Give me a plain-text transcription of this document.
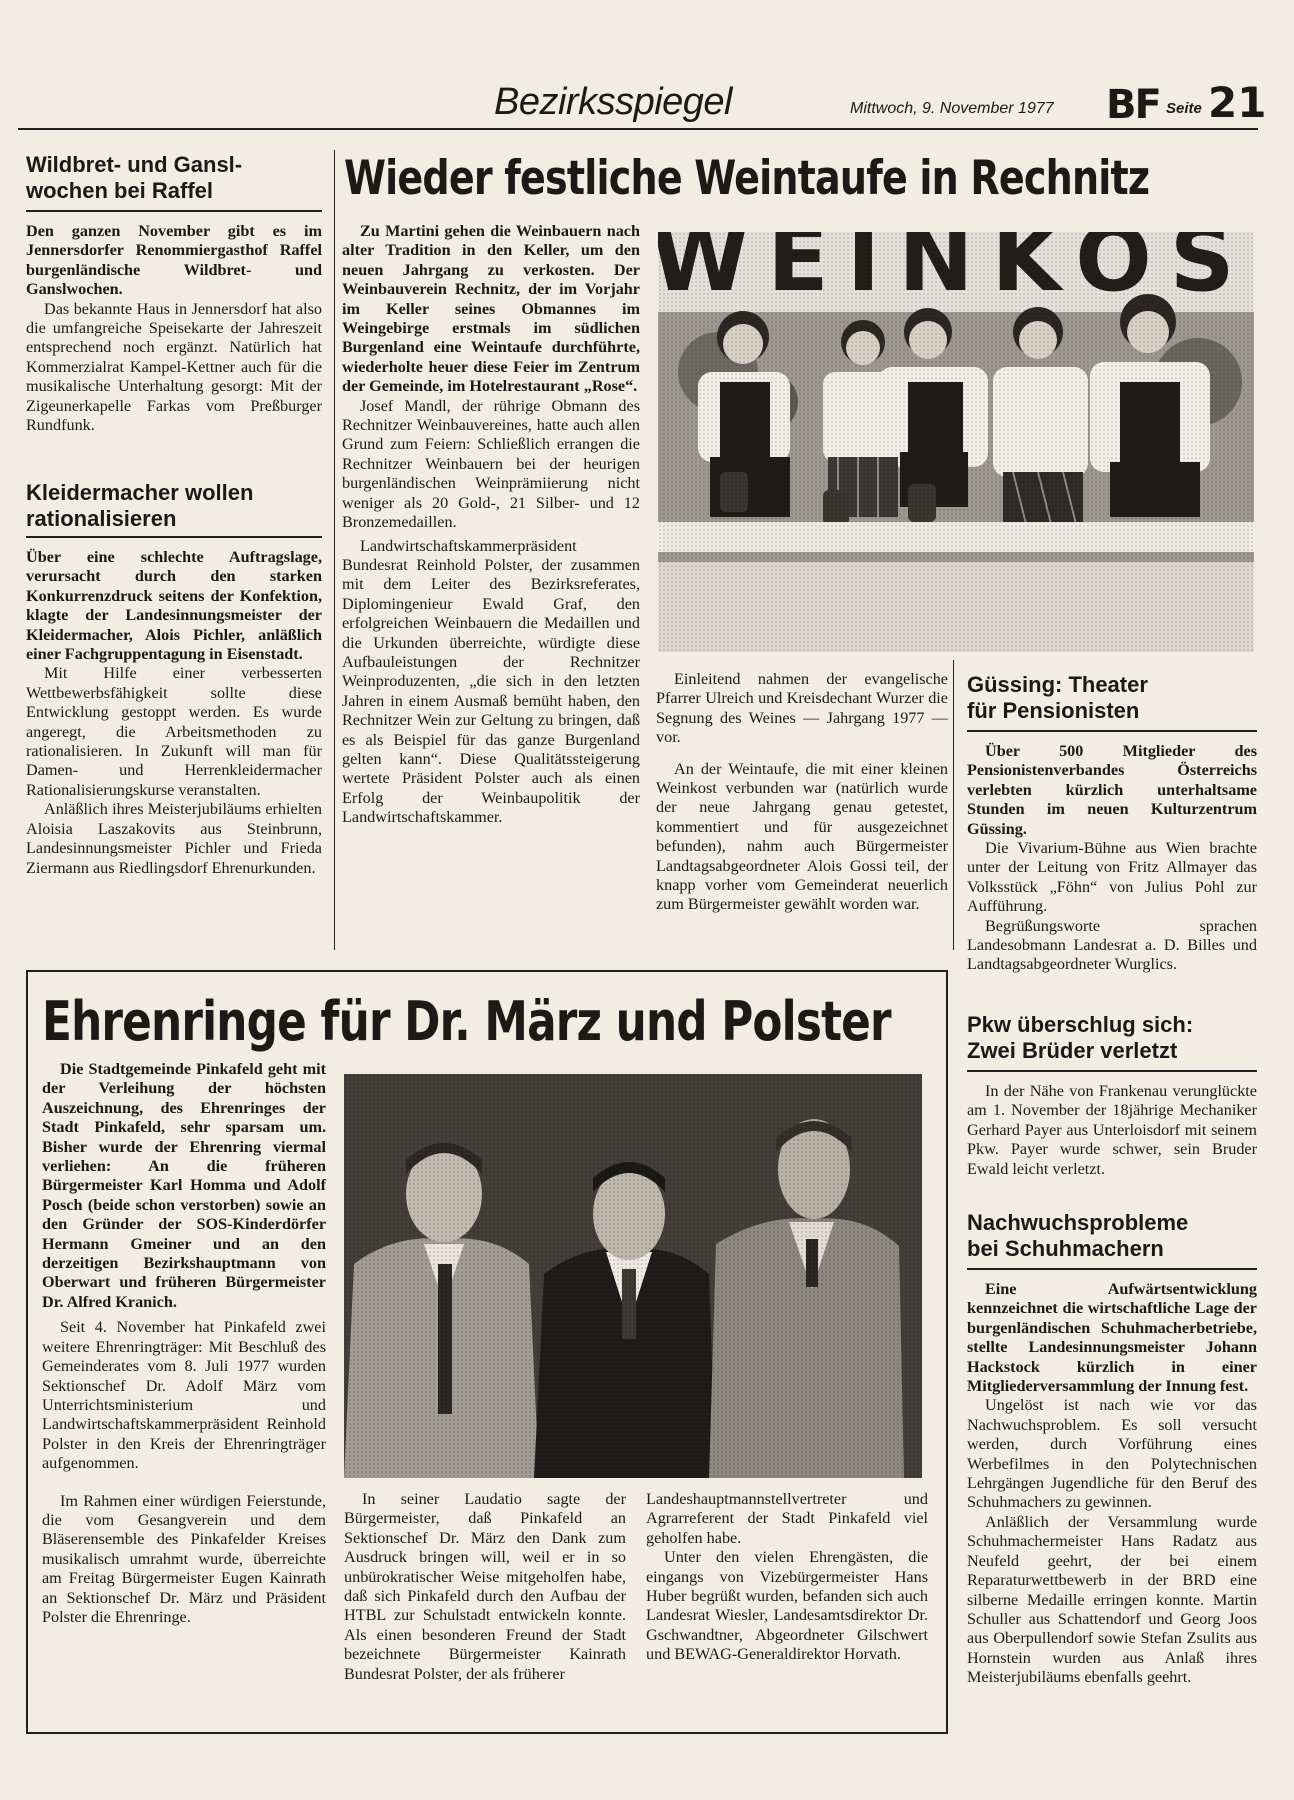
Bezirksspiegel	Mittwoch, 9. November 1977 BF Seite 21
Wildbret- und Gansl-
wochen bei Raffel

Den ganzen November gibt es im Jennersdorfer Renommiergasthof Raffel burgenländische Wildbret- und Ganslwochen.

Das bekannte Haus in Jennersdorf hat also die umfangreiche Speisekarte der Jahreszeit entsprechend noch ergänzt. Natürlich hat Kommerzialrat Kampel-Kettner auch für die musikalische Unterhaltung gesorgt: Mit der Zigeunerkapelle Farkas vom Preßburger Rundfunk.

Kleidermacher wollen
rationalisieren

Über eine schlechte Auftragslage, verursacht durch den starken Konkurrenzdruck seitens der Konfektion, klagte der Landesinnungsmeister der Kleidermacher, Alois Pichler, anläßlich einer Fachgruppentagung in Eisenstadt.

Mit Hilfe einer verbesserten Wettbewerbsfähigkeit sollte diese Entwicklung gestoppt werden. Es wurde angeregt, die Arbeitsmethoden zu rationalisieren. In Zukunft will man für Damen- und Herrenkleidermacher Rationalisierungskurse veranstalten.

Anläßlich ihres Meisterjubiläums erhielten Aloisia Laszakovits aus Steinbrunn, Landesinnungsmeister Pichler und Frieda Ziermann aus Riedlingsdorf Ehrenurkunden.

Wieder festliche Weintaufe in Rechnitz

Zu Martini gehen die Weinbauern nach alter Tradition in den Keller, um den neuen Jahrgang zu verkosten. Der Weinbauverein Rechnitz, der im Vorjahr im Keller seines Obmannes im Weingebirge erstmals im südlichen Burgenland eine Weintaufe durchführte, wiederholte heuer diese Feier im Zentrum der Gemeinde, im Hotelrestaurant „Rose“.

Josef Mandl, der rührige Obmann des Rechnitzer Weinbauvereines, hatte auch allen Grund zum Feiern: Schließlich errangen die Rechnitzer Weinbauern bei der heurigen burgenländischen Weinprämiierung nicht weniger als 20 Gold-, 21 Silber- und 12 Bronzemedaillen.

Landwirtschaftskammerpräsident Bundesrat Reinhold Polster, der zusammen mit dem Leiter des Bezirksreferates, Diplomingenieur Ewald Graf, den erfolgreichen Weinbauern die Medaillen und die Urkunden überreichte, würdigte diese Aufbauleistungen der Rechnitzer Weinproduzenten, „die sich in den letzten Jahren in einem Ausmaß bemüht haben, den Rechnitzer Wein zur Geltung zu bringen, daß es als Beispiel für das ganze Burgenland gelten kann“. Diese Qualitätssteigerung wertete Präsident Polster auch als einen Erfolg der Weinbaupolitik der Landwirtschaftskammer.

Einleitend nahmen der evangelische Pfarrer Ulreich und Kreisdechant Wurzer die Segnung des Weines — Jahrgang 1977 — vor.

An der Weintaufe, die mit einer kleinen Weinkost verbunden war (natürlich wurde der neue Jahrgang genau getestet, kommentiert und für ausgezeichnet befunden), nahm auch Bürgermeister Landtagsabgeordneter Alois Gossi teil, der knapp vorher vom Gemeinderat neuerlich zum Bürgermeister gewählt worden war.

Güssing: Theater
für Pensionisten

Über 500 Mitglieder des Pensionistenverbandes Österreichs verlebten kürzlich unterhaltsame Stunden im neuen Kulturzentrum Güssing.

Die Vivarium-Bühne aus Wien brachte unter der Leitung von Fritz Allmayer das Volksstück „Föhn“ von Julius Pohl zur Aufführung.

Begrüßungsworte sprachen Landesobmann Landesrat a. D. Billes und Landtagsabgeordneter Wurglics.

Pkw überschlug sich:
Zwei Brüder verletzt

In der Nähe von Frankenau verunglückte am 1. November der 18jährige Mechaniker Gerhard Payer aus Unterloisdorf mit seinem Pkw. Payer wurde schwer, sein Bruder Ewald leicht verletzt.

Nachwuchsprobleme
bei Schuhmachern

Eine Aufwärtsentwicklung kennzeichnet die wirtschaftliche Lage der burgenländischen Schuhmacherbetriebe, stellte Landesinnungsmeister Johann Hackstock kürzlich in einer Mitgliederversammlung der Innung fest.

Ungelöst ist nach wie vor das Nachwuchsproblem. Es soll versucht werden, durch Vorführung eines Werbefilmes in den Polytechnischen Lehrgängen Jugendliche für den Beruf des Schuhmachers zu gewinnen.

Anläßlich der Versammlung wurde Schuhmachermeister Hans Radatz aus Neufeld geehrt, der bei einem Reparaturwettbewerb in der BRD eine silberne Medaille erringen konnte. Martin Schuller aus Schattendorf und Georg Joos aus Oberpullendorf sowie Stefan Zsulits aus Hornstein wurden aus Anlaß ihres Meisterjubiläums ebenfalls geehrt.

Ehrenringe für Dr. März und Polster

Die Stadtgemeinde Pinkafeld geht mit der Verleihung der höchsten Auszeichnung, des Ehrenringes der Stadt Pinkafeld, sehr sparsam um. Bisher wurde der Ehrenring viermal verliehen: An die früheren Bürgermeister Karl Homma und Adolf Posch (beide schon verstorben) sowie an den Gründer der SOS-Kinderdörfer Hermann Gmeiner und an den derzeitigen Bezirkshauptmann von Oberwart und früheren Bürgermeister Dr. Alfred Kranich.

Seit 4. November hat Pinkafeld zwei weitere Ehrenringträger: Mit Beschluß des Gemeinderates vom 8. Juli 1977 wurden Sektionschef Dr. Adolf März vom Unterrichtsministerium und Landwirtschaftskammerpräsident Reinhold Polster in den Kreis der Ehrenringträger aufgenommen.

Im Rahmen einer würdigen Feierstunde, die vom Gesangverein und dem Bläserensemble des Pinkafelder Kreises musikalisch umrahmt wurde, überreichte am Freitag Bürgermeister Eugen Kainrath an Sektionschef Dr. März und Präsident Polster die Ehrenringe.

In seiner Laudatio sagte der Bürgermeister, daß Pinkafeld an Sektionschef Dr. März den Dank zum Ausdruck bringen will, weil er in so unbürokratischer Weise mitgeholfen habe, daß sich Pinkafeld durch den Aufbau der HTBL zur Schulstadt entwickeln konnte. Als einen besonderen Freund der Stadt bezeichnete Bürgermeister Kainrath Bundesrat Polster, der als früherer

Landeshauptmannstellvertreter und Agrarreferent der Stadt Pinkafeld viel geholfen habe.

Unter den vielen Ehrengästen, die eingangs von Vizebürgermeister Hans Huber begrüßt wurden, befanden sich auch Landesrat Wiesler, Landesamtsdirektor Dr. Gschwandtner, Abgeordneter Gilschwert und BEWAG-Generaldirektor Horvath.
